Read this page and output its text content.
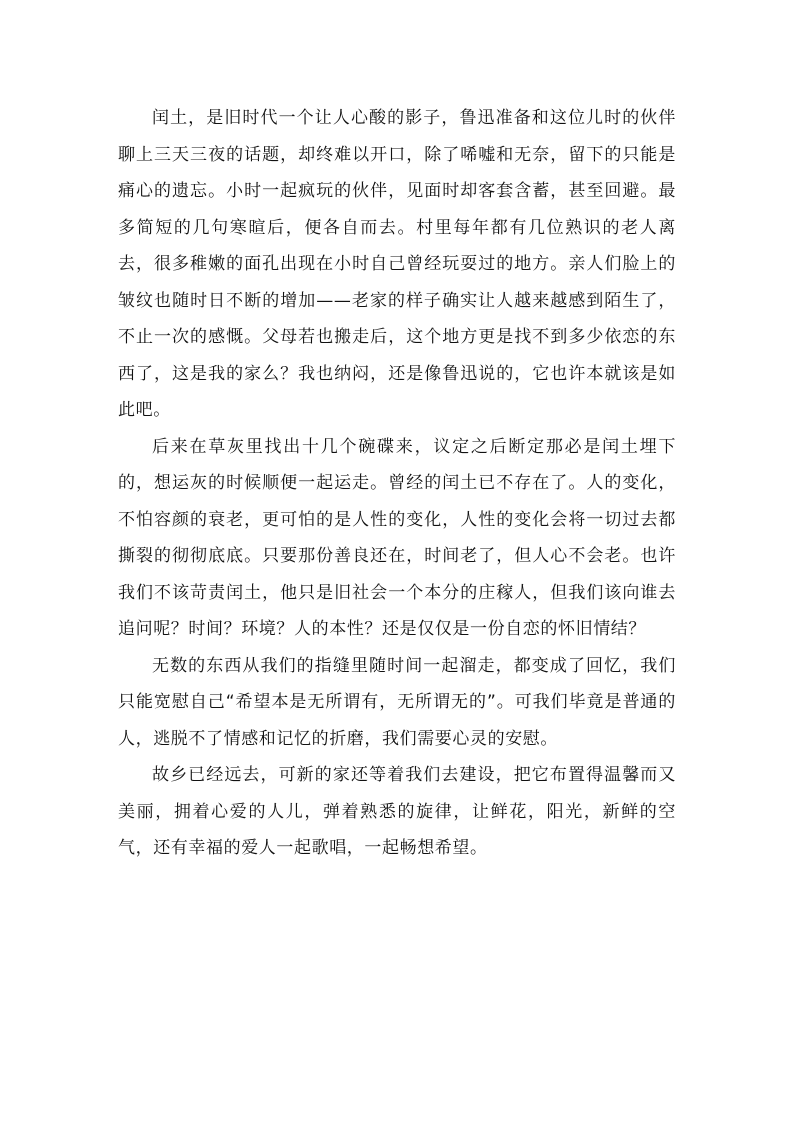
闰土，是旧时代一个让人心酸的影子，鲁迅准备和这位儿时的伙伴聊上三天三夜的话题，却终难以开口，除了唏嘘和无奈，留下的只能是痛心的遗忘。小时一起疯玩的伙伴，见面时却客套含蓄，甚至回避。最多简短的几句寒暄后，便各自而去。村里每年都有几位熟识的老人离去，很多稚嫩的面孔出现在小时自己曾经玩耍过的地方。亲人们脸上的皱纹也随时日不断的增加——老家的样子确实让人越来越感到陌生了，不止一次的感慨。父母若也搬走后，这个地方更是找不到多少依恋的东西了，这是我的家么？我也纳闷，还是像鲁迅说的，它也许本就该是如此吧。

后来在草灰里找出十几个碗碟来，议定之后断定那必是闰土埋下的，想运灰的时候顺便一起运走。曾经的闰土已不存在了。人的变化，不怕容颜的衰老，更可怕的是人性的变化，人性的变化会将一切过去都撕裂的彻彻底底。只要那份善良还在，时间老了，但人心不会老。也许我们不该苛责闰土，他只是旧社会一个本分的庄稼人，但我们该向谁去追问呢？时间？环境？人的本性？还是仅仅是一份自恋的怀旧情结？

无数的东西从我们的指缝里随时间一起溜走，都变成了回忆，我们只能宽慰自己“希望本是无所谓有，无所谓无的”。可我们毕竟是普通的人，逃脱不了情感和记忆的折磨，我们需要心灵的安慰。

故乡已经远去，可新的家还等着我们去建设，把它布置得温馨而又美丽，拥着心爱的人儿，弹着熟悉的旋律，让鲜花，阳光，新鲜的空气，还有幸福的爱人一起歌唱，一起畅想希望。
